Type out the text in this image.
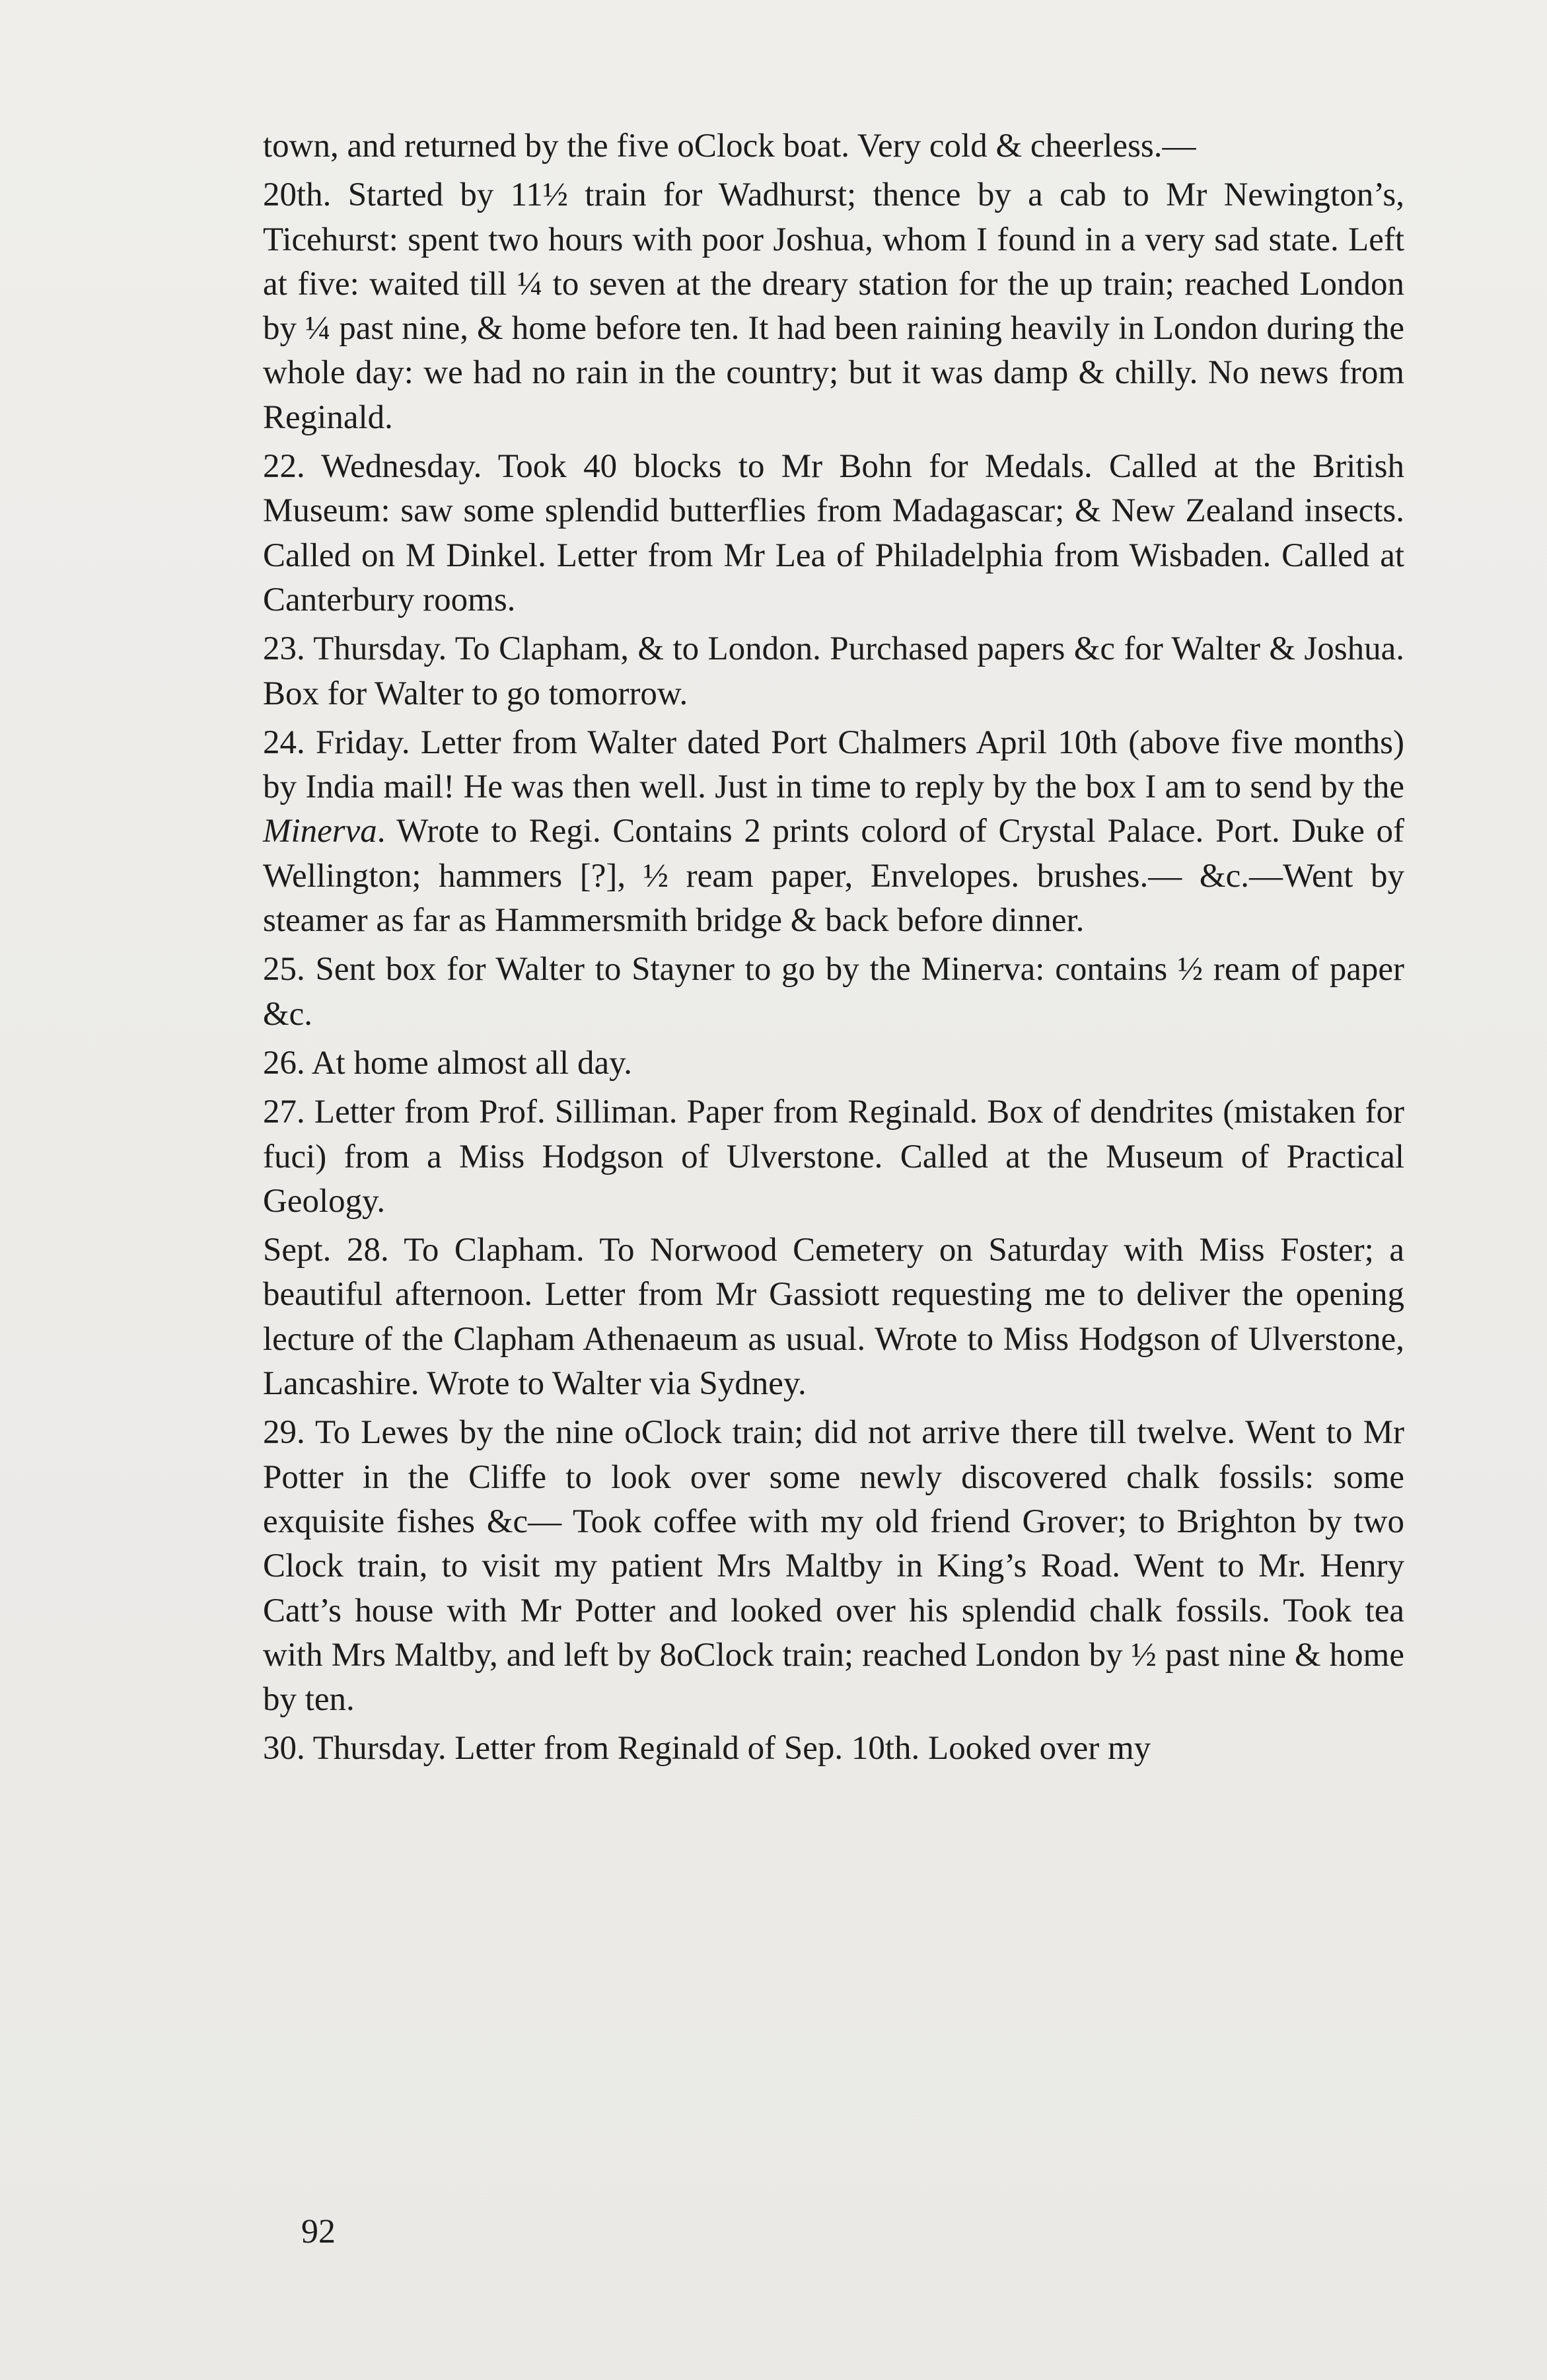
town, and returned by the five oClock boat. Very cold & cheerless.—

20th. Started by 11½ train for Wadhurst; thence by a cab to Mr Newington’s, Ticehurst: spent two hours with poor Joshua, whom I found in a very sad state. Left at five: waited till ¼ to seven at the dreary station for the up train; reached London by ¼ past nine, & home before ten. It had been raining heavily in London during the whole day: we had no rain in the country; but it was damp & chilly. No news from Reginald.

22. Wednesday. Took 40 blocks to Mr Bohn for Medals. Called at the British Museum: saw some splendid butterflies from Madagascar; & New Zealand insects. Called on M Dinkel. Letter from Mr Lea of Philadelphia from Wisbaden. Called at Canterbury rooms.

23. Thursday. To Clapham, & to London. Purchased papers &c for Walter & Joshua. Box for Walter to go tomorrow.

24. Friday. Letter from Walter dated Port Chalmers April 10th (above five months) by India mail! He was then well. Just in time to reply by the box I am to send by the Minerva. Wrote to Regi. Contains 2 prints colord of Crystal Palace. Port. Duke of Wellington; hammers [?], ½ ream paper, Envelopes. brushes.— &c.—Went by steamer as far as Hammersmith bridge & back before dinner.

25. Sent box for Walter to Stayner to go by the Minerva: contains ½ ream of paper &c.

26. At home almost all day.

27. Letter from Prof. Silliman. Paper from Reginald. Box of dendrites (mistaken for fuci) from a Miss Hodgson of Ulverstone. Called at the Museum of Practical Geology.

Sept. 28. To Clapham. To Norwood Cemetery on Saturday with Miss Foster; a beautiful afternoon. Letter from Mr Gassiott requesting me to deliver the opening lecture of the Clapham Athenaeum as usual. Wrote to Miss Hodgson of Ulverstone, Lancashire. Wrote to Walter via Sydney.

29. To Lewes by the nine oClock train; did not arrive there till twelve. Went to Mr Potter in the Cliffe to look over some newly discovered chalk fossils: some exquisite fishes &c— Took coffee with my old friend Grover; to Brighton by two Clock train, to visit my patient Mrs Maltby in King’s Road. Went to Mr. Henry Catt’s house with Mr Potter and looked over his splendid chalk fossils. Took tea with Mrs Maltby, and left by 8oClock train; reached London by ½ past nine & home by ten.

30. Thursday. Letter from Reginald of Sep. 10th. Looked over my

92
